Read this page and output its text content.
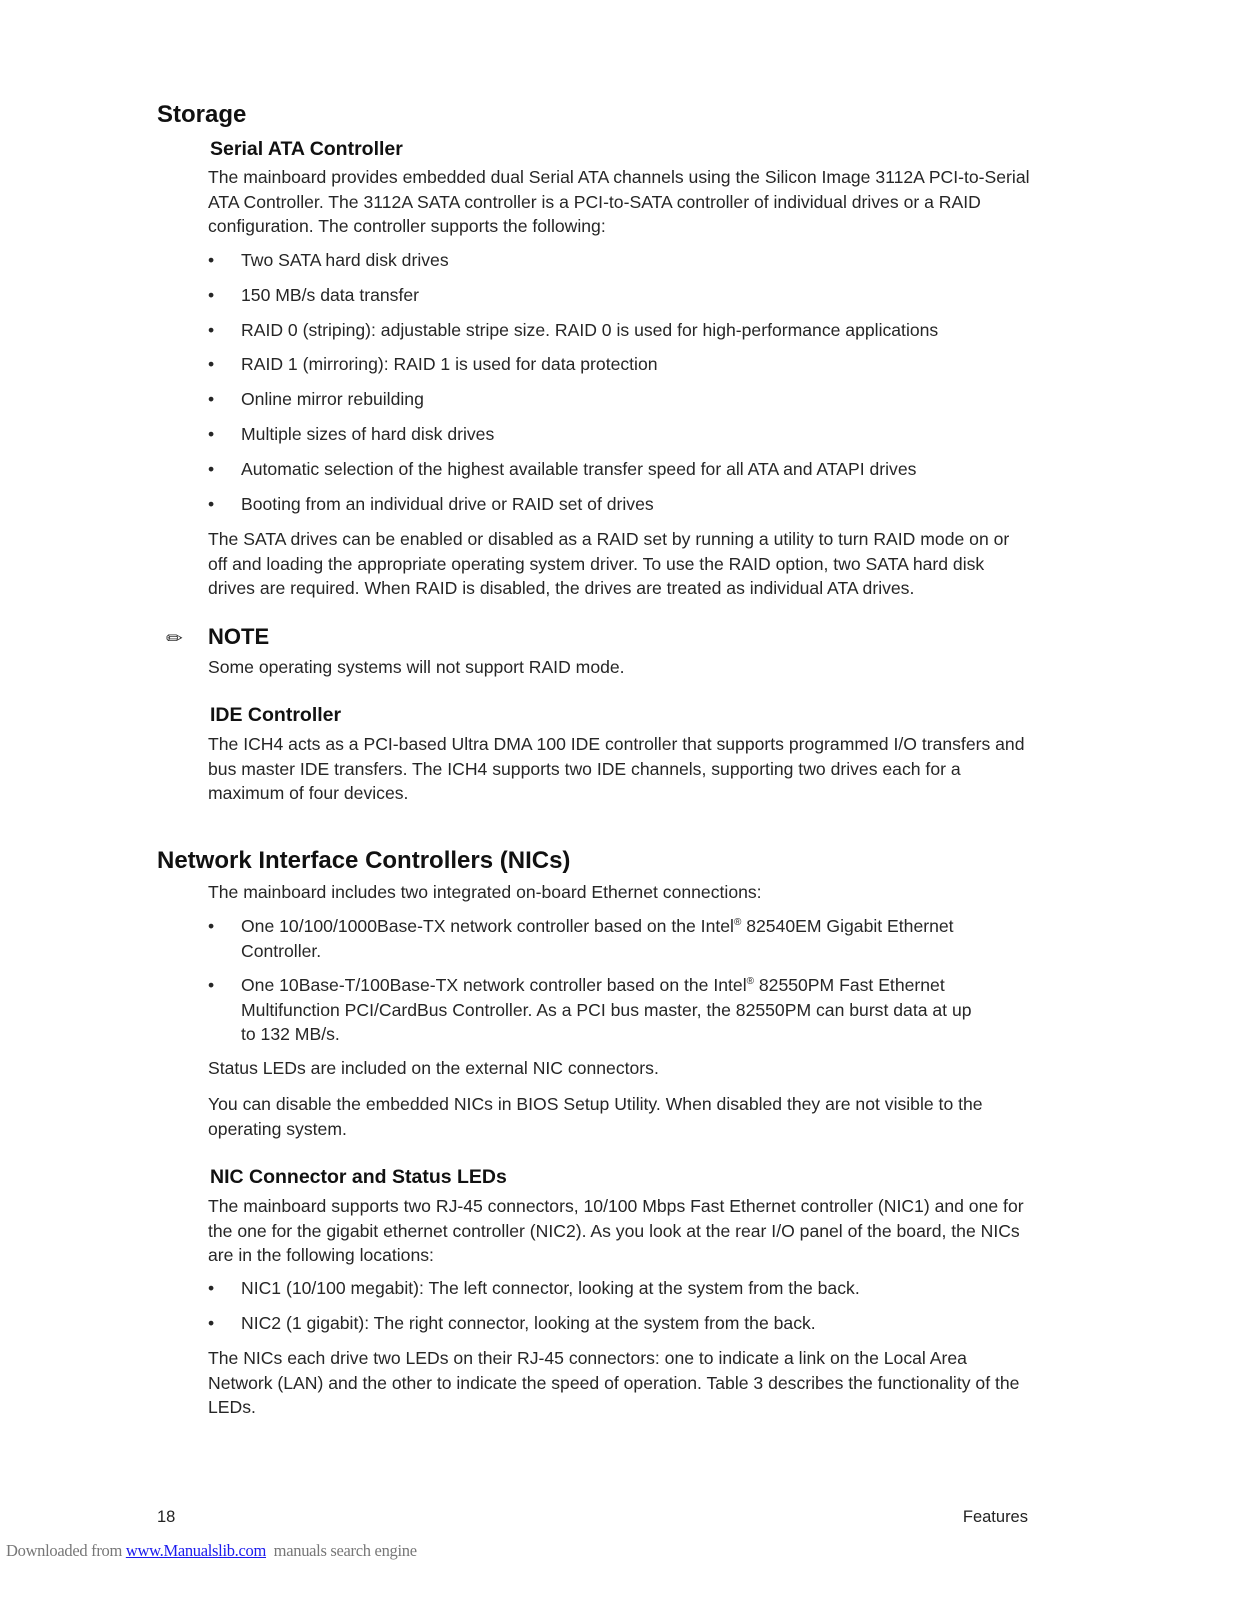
Storage
Serial ATA Controller

The mainboard provides embedded dual Serial ATA channels using the Silicon Image 3112A PCI-to-Serial ATA Controller. The 3112A SATA controller is a PCI-to-SATA controller of individual drives or a RAID configuration. The controller supports the following:

• Two SATA hard disk drives
• 150 MB/s data transfer
• RAID 0 (striping): adjustable stripe size. RAID 0 is used for high-performance applications
• RAID 1 (mirroring): RAID 1 is used for data protection
• Online mirror rebuilding
• Multiple sizes of hard disk drives
• Automatic selection of the highest available transfer speed for all ATA and ATAPI drives
• Booting from an individual drive or RAID set of drives

The SATA drives can be enabled or disabled as a RAID set by running a utility to turn RAID mode on or off and loading the appropriate operating system driver. To use the RAID option, two SATA hard disk drives are required. When RAID is disabled, the drives are treated as individual ATA drives.

✏ NOTE

Some operating systems will not support RAID mode.

IDE Controller

The ICH4 acts as a PCI-based Ultra DMA 100 IDE controller that supports programmed I/O transfers and bus master IDE transfers. The ICH4 supports two IDE channels, supporting two drives each for a maximum of four devices.

Network Interface Controllers (NICs)

The mainboard includes two integrated on-board Ethernet connections:

• One 10/100/1000Base-TX network controller based on the Intel® 82540EM Gigabit Ethernet Controller.
• One 10Base-T/100Base-TX network controller based on the Intel® 82550PM Fast Ethernet Multifunction PCI/CardBus Controller. As a PCI bus master, the 82550PM can burst data at up to 132 MB/s.

Status LEDs are included on the external NIC connectors.

You can disable the embedded NICs in BIOS Setup Utility. When disabled they are not visible to the operating system.

NIC Connector and Status LEDs

The mainboard supports two RJ-45 connectors, 10/100 Mbps Fast Ethernet controller (NIC1) and one for the one for the gigabit ethernet controller (NIC2). As you look at the rear I/O panel of the board, the NICs are in the following locations:

• NIC1 (10/100 megabit): The left connector, looking at the system from the back.
• NIC2 (1 gigabit): The right connector, looking at the system from the back.

The NICs each drive two LEDs on their RJ-45 connectors: one to indicate a link on the Local Area Network (LAN) and the other to indicate the speed of operation. Table 3 describes the functionality of the LEDs.

18	Features
Downloaded from www.Manualslib.com  manuals search engine
